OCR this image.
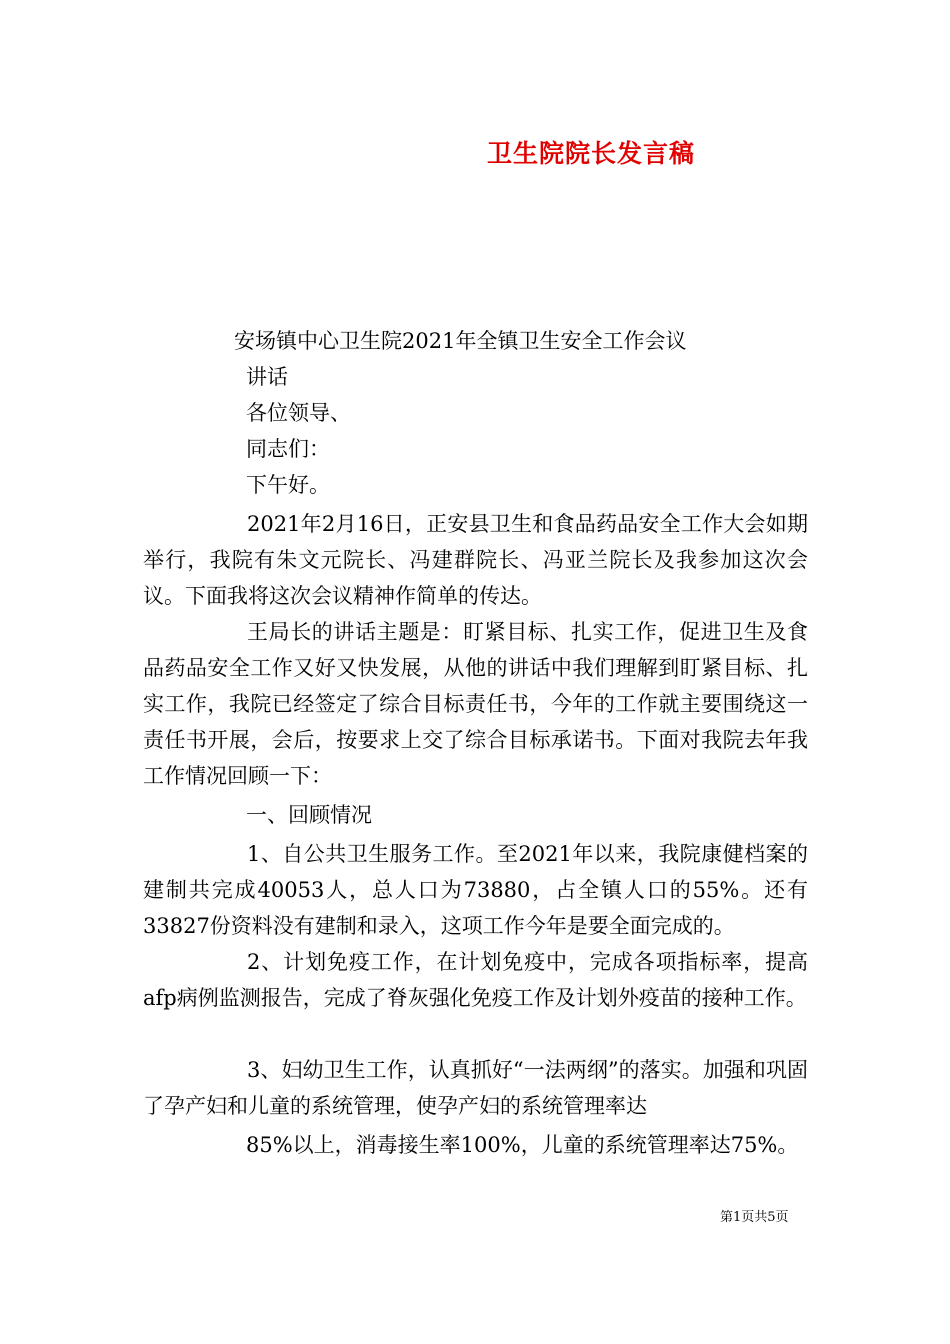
卫生院院长发言稿
安场镇中心卫生院2021年全镇卫生安全工作会议
讲话
各位领导、
同志们：
下午好。
2021年2月16日，正安县卫生和食品药品安全工作大会如期举行，我院有朱文元院长、冯建群院长、冯亚兰院长及我参加这次会议。下面我将这次会议精神作简单的传达。
王局长的讲话主题是：盯紧目标、扎实工作，促进卫生及食品药品安全工作又好又快发展，从他的讲话中我们理解到盯紧目标、扎实工作，我院已经签定了综合目标责任书，今年的工作就主要围绕这一责任书开展，会后，按要求上交了综合目标承诺书。下面对我院去年我工作情况回顾一下：
一、回顾情况
1、自公共卫生服务工作。至2021年以来，我院康健档案的建制共完成40053人，总人口为73880，占全镇人口的55%。还有33827份资料没有建制和录入，这项工作今年是要全面完成的。
2、计划免疫工作，在计划免疫中，完成各项指标率，提高afp病例监测报告，完成了脊灰强化免疫工作及计划外疫苗的接种工作。
3、妇幼卫生工作，认真抓好“一法两纲”的落实。加强和巩固了孕产妇和儿童的系统管理，使孕产妇的系统管理率达
85%以上，消毒接生率100%，儿童的系统管理率达75%。
第1页共5页
